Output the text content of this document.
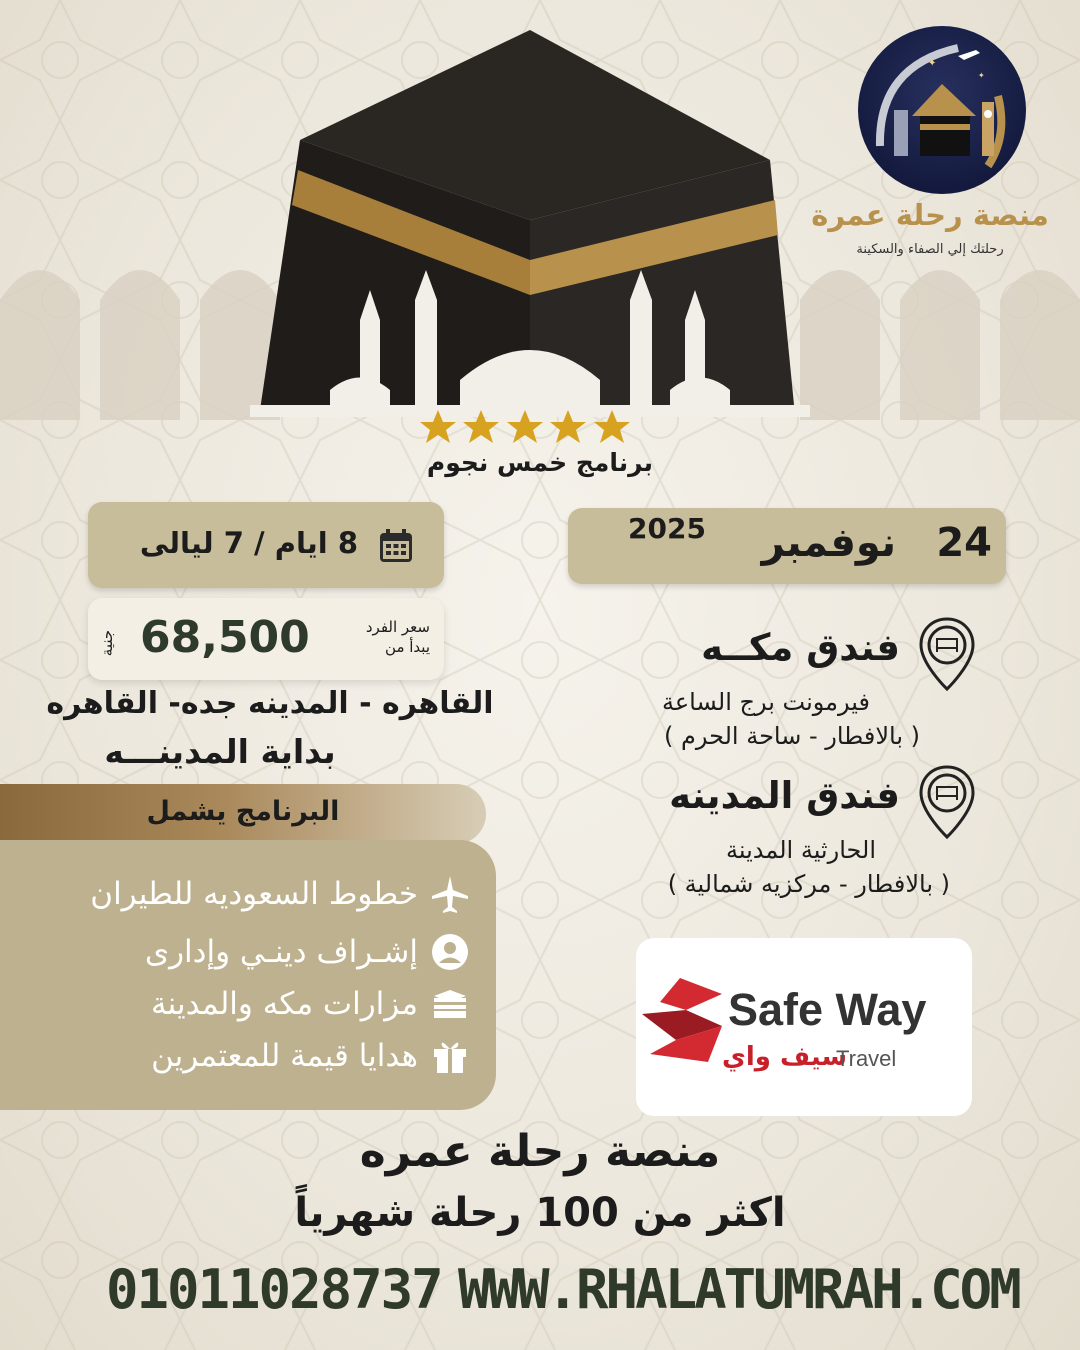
✦
✦
منصة رحلة عمرة
رحلتك إلي الصفاء والسكينة
برنامج خمس نجوم
24
نوفمبر
2025
8 ايام / 7 ليالى
جنية 68,500	سعر الفرد
يبدأ من
القاهره - المدينه جده- القاهره
بداية المدينـــه
البرنامج يشمل
خطوط السعوديه للطيران
إشـراف دينـي وإدارى
مزارات مكه والمدينة
هدايا قيمة للمعتمرين
فندق مكــه
فيرمونت برج الساعة
( بالافطار - ساحة الحرم )
فندق المدينه
الحارثية المدينة
( بالافطار - مركزيه شمالية )
Safe Way
سيف واي
Travel
منصة رحلة عمره
اكثر من 100 رحلة شهرياً
01011028737 WWW.RHALATUMRAH.COM
